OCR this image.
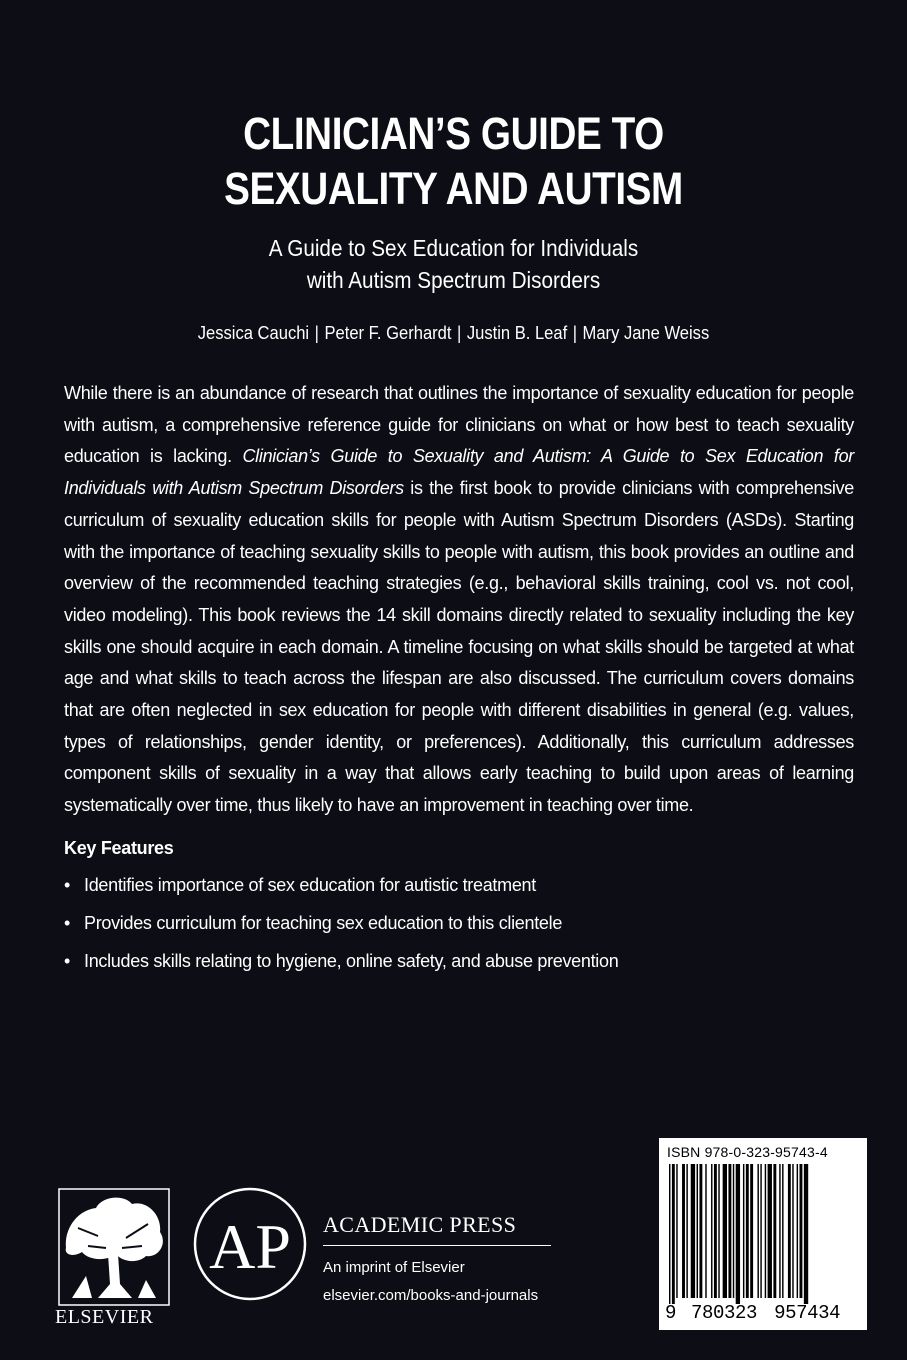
CLINICIAN’S GUIDE TO
SEXUALITY AND AUTISM
A Guide to Sex Education for Individuals
with Autism Spectrum Disorders
Jessica Cauchi | Peter F. Gerhardt | Justin B. Leaf | Mary Jane Weiss

While there is an abundance of research that outlines the importance of sexuality education for people with autism, a comprehensive reference guide for clinicians on what or how best to teach sexuality education is lacking. Clinician’s Guide to Sexuality and Autism: A Guide to Sex Education for Individuals with Autism Spectrum Disorders is the first book to provide clinicians with comprehensive curriculum of sexuality education skills for people with Autism Spectrum Disorders (ASDs). Starting with the importance of teaching sexuality skills to people with autism, this book provides an outline and overview of the recommended teaching strategies (e.g., behavioral skills training, cool vs. not cool, video modeling). This book reviews the 14 skill domains directly related to sexuality including the key skills one should acquire in each domain. A timeline focusing on what skills should be targeted at what age and what skills to teach across the lifespan are also discussed. The curriculum covers domains that are often neglected in sex education for people with different disabilities in general (e.g. values, types of relationships, gender identity, or preferences). Additionally, this curriculum addresses component skills of sexuality in a way that allows early teaching to build upon areas of learning systematically over time, thus likely to have an improvement in teaching over time.

Key Features
• Identifies importance of sex education for autistic treatment
• Provides curriculum for teaching sex education to this clientele
• Includes skills relating to hygiene, online safety, and abuse prevention
ELSEVIER
AP ACADEMIC PRESS
An imprint of Elsevier
elsevier.com/books-and-journals
ISBN 978-0-323-95743-4
9 780323 957434
